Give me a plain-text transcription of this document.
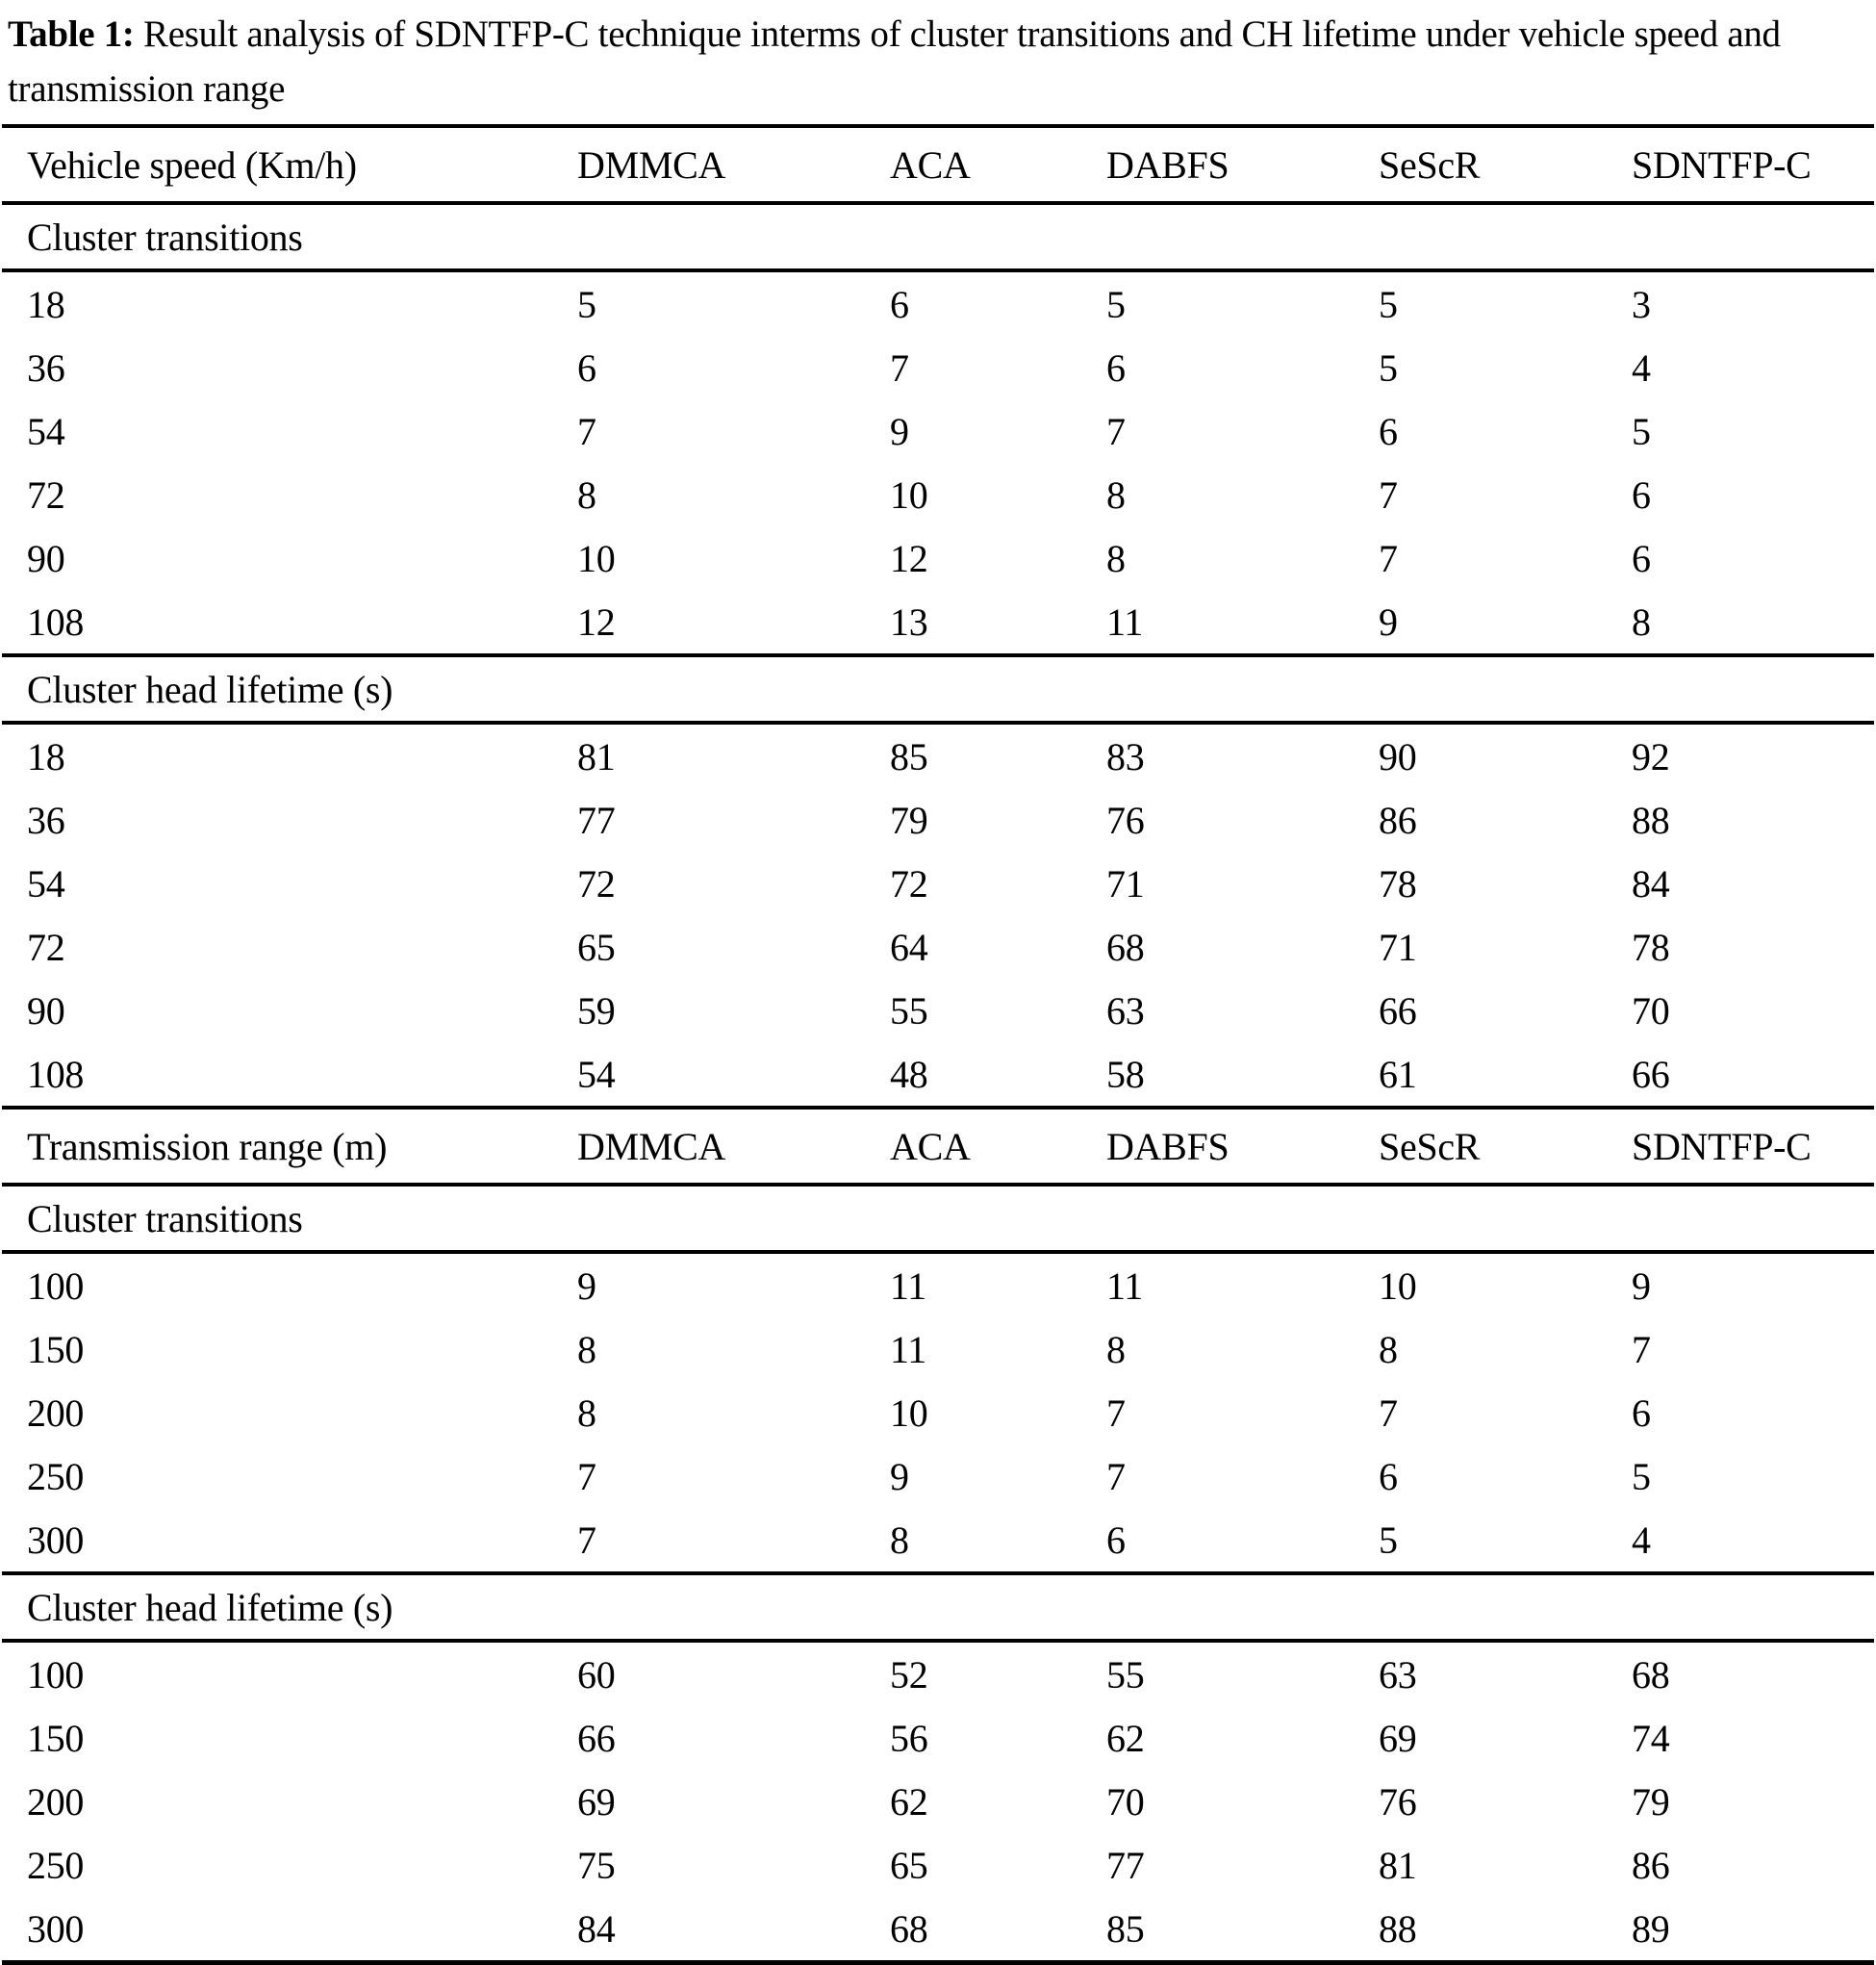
Table 1: Result analysis of SDNTFP-C technique interms of cluster transitions and CH lifetime under vehicle speed and transmission range
Vehicle speed (Km/h)	DMMCA	ACA	DABFS	SeScR	SDNTFP-C
Cluster transitions
18	5	6	5	5	3
36	6	7	6	5	4
54	7	9	7	6	5
72	8	10	8	7	6
90	10	12	8	7	6
108	12	13	11	9	8
Cluster head lifetime (s)
18	81	85	83	90	92
36	77	79	76	86	88
54	72	72	71	78	84
72	65	64	68	71	78
90	59	55	63	66	70
108	54	48	58	61	66
Transmission range (m)	DMMCA	ACA	DABFS	SeScR	SDNTFP-C
Cluster transitions
100	9	11	11	10	9
150	8	11	8	8	7
200	8	10	7	7	6
250	7	9	7	6	5
300	7	8	6	5	4
Cluster head lifetime (s)
100	60	52	55	63	68
150	66	56	62	69	74
200	69	62	70	76	79
250	75	65	77	81	86
300	84	68	85	88	89
